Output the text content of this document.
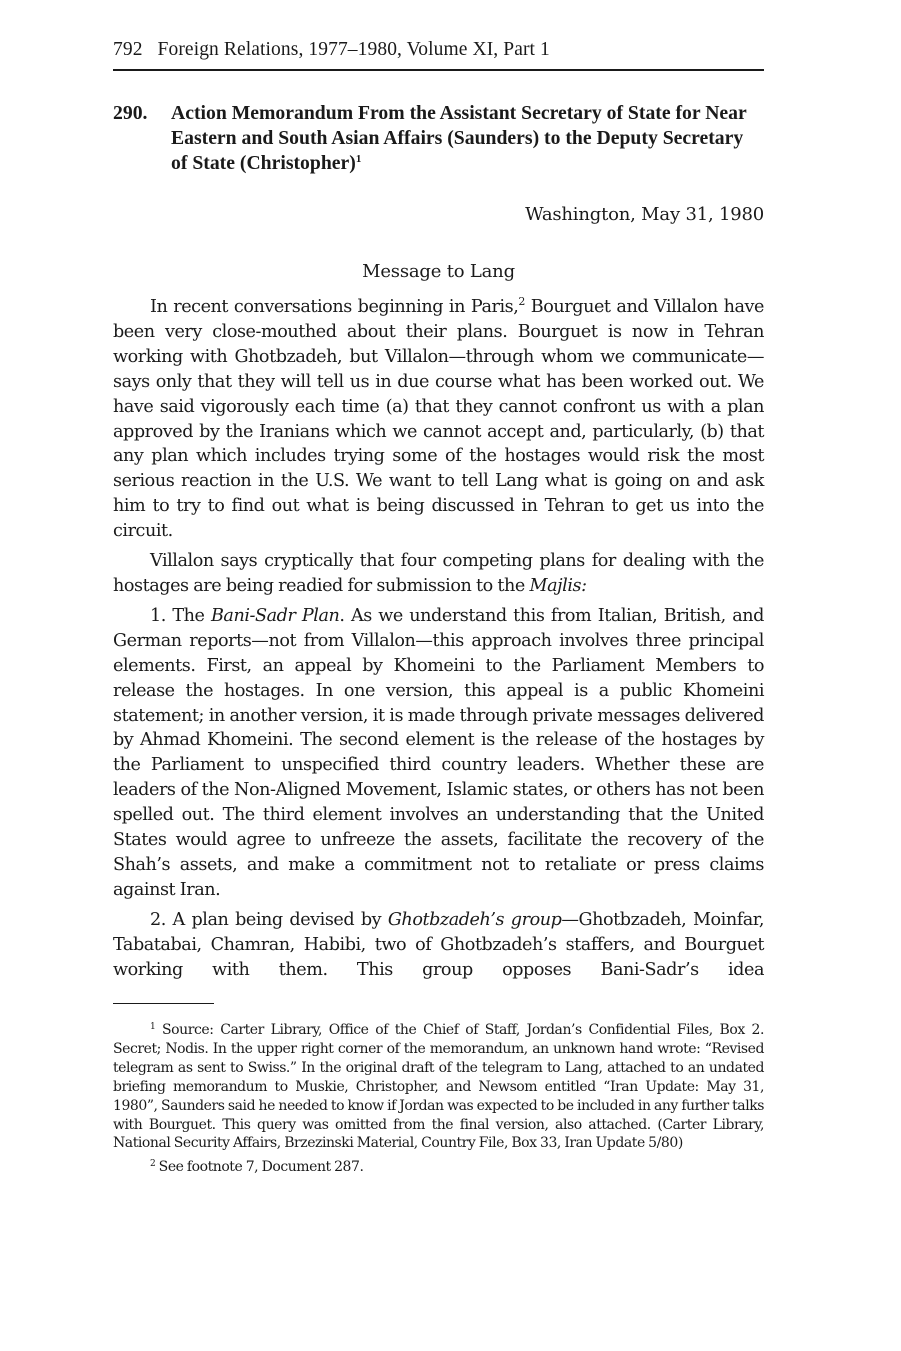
792 Foreign Relations, 1977–1980, Volume XI, Part 1
290.	Action Memorandum From the Assistant Secretary of State for Near Eastern and South Asian Affairs (Saunders) to the Deputy Secretary of State (Christopher)$^1$
Washington, May 31, 1980
Message to Lang

In recent conversations beginning in Paris,$^2$ Bourguet and Villalon have been very close-mouthed about their plans. Bourguet is now in Tehran working with Ghotbzadeh, but Villalon—through whom we communicate—says only that they will tell us in due course what has been worked out. We have said vigorously each time (a) that they cannot confront us with a plan approved by the Iranians which we cannot accept and, particularly, (b) that any plan which includes trying some of the hostages would risk the most serious reaction in the U.S. We want to tell Lang what is going on and ask him to try to find out what is being discussed in Tehran to get us into the circuit.

Villalon says cryptically that four competing plans for dealing with the hostages are being readied for submission to the Majlis:

1. The Bani-Sadr Plan. As we understand this from Italian, British, and German reports—not from Villalon—this approach involves three principal elements. First, an appeal by Khomeini to the Parliament Members to release the hostages. In one version, this appeal is a public Khomeini statement; in another version, it is made through private messages delivered by Ahmad Khomeini. The second element is the release of the hostages by the Parliament to unspecified third country leaders. Whether these are leaders of the Non-Aligned Movement, Islamic states, or others has not been spelled out. The third element involves an understanding that the United States would agree to unfreeze the assets, facilitate the recovery of the Shah’s assets, and make a commitment not to retaliate or press claims against Iran.

2. A plan being devised by Ghotbzadeh’s group—Ghotbzadeh, Moinfar, Tabatabai, Chamran, Habibi, two of Ghotbzadeh’s staffers, and Bourguet working with them. This group opposes Bani-Sadr’s idea

$^1$ Source: Carter Library, Office of the Chief of Staff, Jordan’s Confidential Files, Box 2. Secret; Nodis. In the upper right corner of the memorandum, an unknown hand wrote: “Revised telegram as sent to Swiss.” In the original draft of the telegram to Lang, attached to an undated briefing memorandum to Muskie, Christopher, and Newsom entitled “Iran Update: May 31, 1980”, Saunders said he needed to know if Jordan was expected to be included in any further talks with Bourguet. This query was omitted from the final version, also attached. (Carter Library, National Security Affairs, Brzezinski Material, Country File, Box 33, Iran Update 5/80)

$^2$ See footnote 7, Document 287.
